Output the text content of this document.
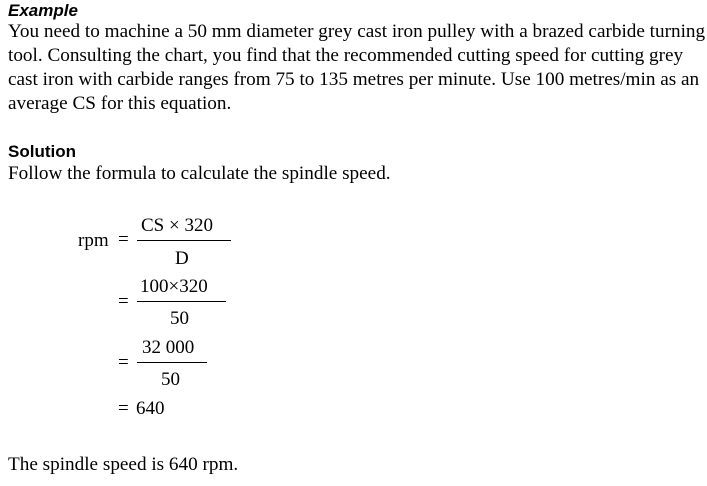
Example
You need to machine a 50 mm diameter grey cast iron pulley with a brazed carbide turning tool. Consulting the chart, you find that the recommended cutting speed for cutting grey cast iron with carbide ranges from 75 to 135 metres per minute. Use 100 metres/min as an average CS for this equation.
Solution
Follow the formula to calculate the spindle speed.
rpm =
CS × 320
D
=
100×320
50
=
32 000
50
= 640
The spindle speed is 640 rpm.
